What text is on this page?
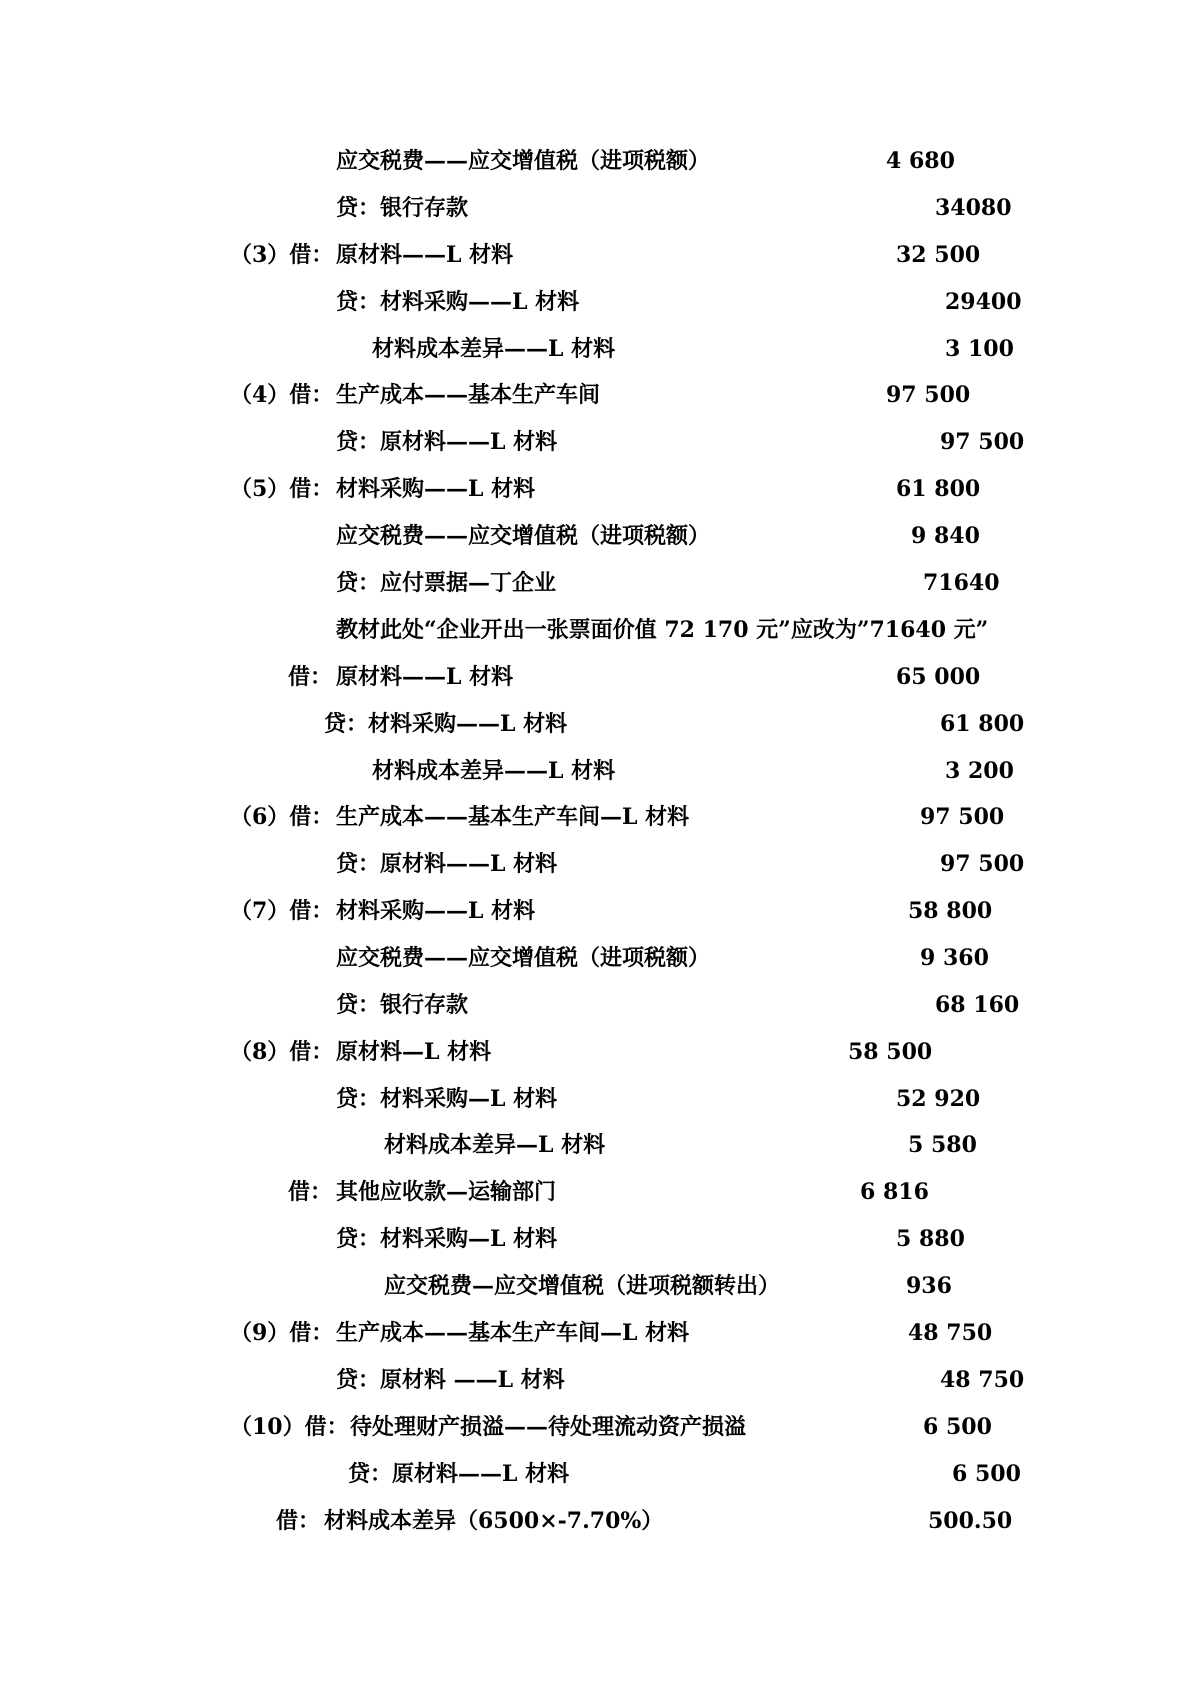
应交税费——应交增值税（进项税额）	4 680
贷：银行存款	34080
（3）借： 原材料——L 材料	32 500
贷：材料采购——L 材料	29400
材料成本差异——L 材料	3 100
（4）借： 生产成本——基本生产车间	97 500
贷：原材料——L 材料	97 500
（5）借： 材料采购——L 材料	61 800
应交税费——应交增值税（进项税额）	9 840
贷：应付票据—丁企业	71640
教材此处“企业开出一张票面价值 72 170 元”应改为”71640 元”
借： 原材料——L 材料	65 000
贷：材料采购——L 材料	61 800
材料成本差异——L 材料	3 200
（6）借： 生产成本——基本生产车间—L 材料	97 500
贷：原材料——L 材料	97 500
（7）借： 材料采购——L 材料	58 800
应交税费——应交增值税（进项税额）	9 360
贷：银行存款	68 160
（8）借： 原材料—L 材料	58 500
贷：材料采购—L 材料	52 920
材料成本差异—L 材料	5 580
借： 其他应收款—运输部门	6 816
贷：材料采购—L 材料	5 880
应交税费—应交增值税（进项税额转出）	936
（9）借： 生产成本——基本生产车间—L 材料	48 750
贷：原材料 ——L 材料	48 750
（10）借： 待处理财产损溢——待处理流动资产损溢	6 500
贷：原材料——L 材料	6 500
借： 材料成本差异（6500×-7.70%）	500.50
